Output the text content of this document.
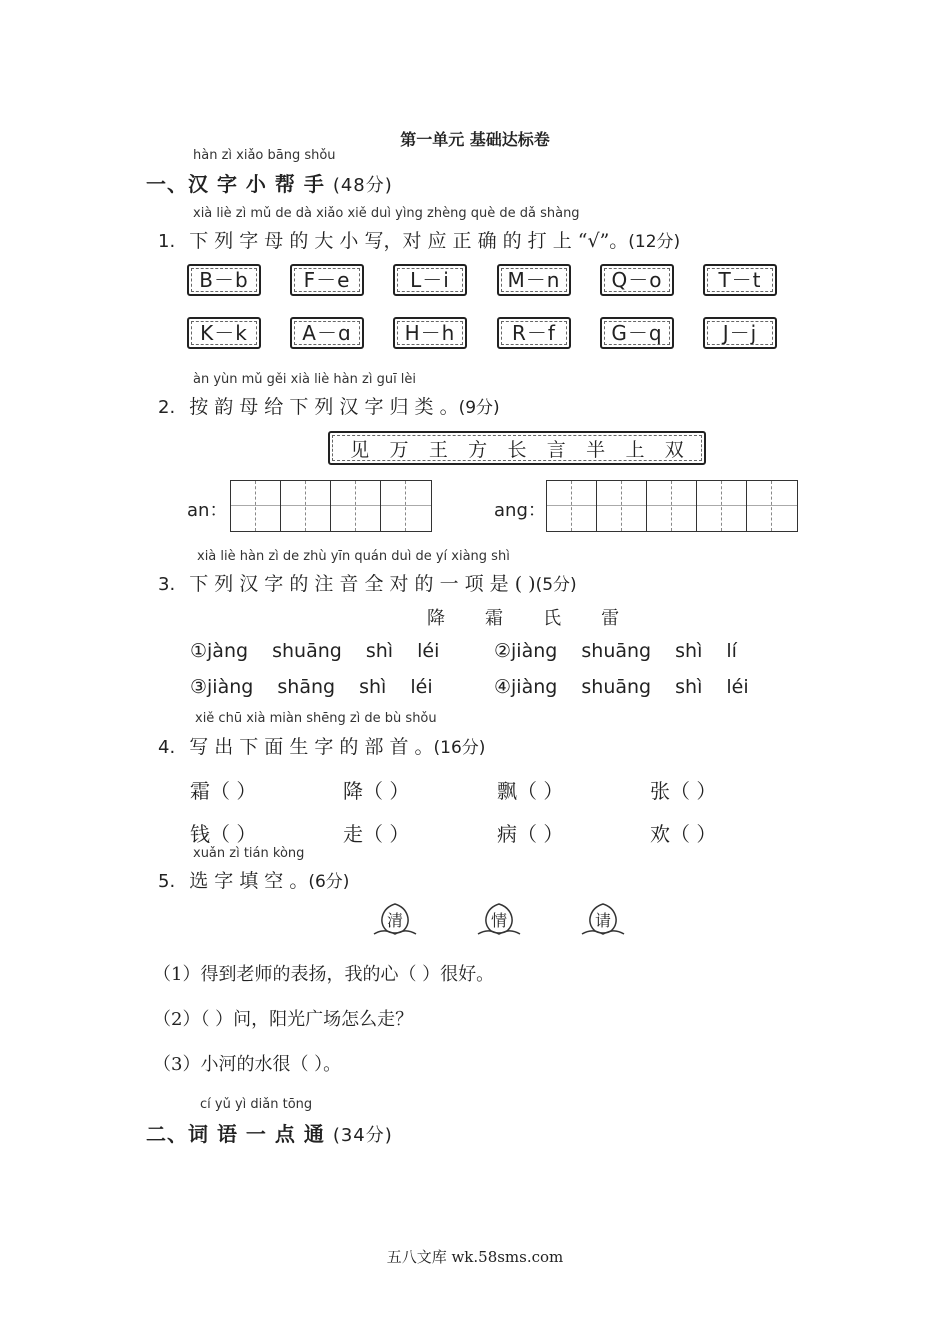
第一单元 基础达标卷
hàn zì xiǎo bāng shǒu
一、汉 字 小 帮 手 (48分)
xià liè zì mǔ de dà xiǎo xiě duì yìng zhèng què de dǎ shàng
1. 下 列 字 母 的 大 小 写，对 应 正 确 的 打 上 “√”。(12分)
B－b	F－e	L－i	M－n	Q－o	T－t
K－k	A－ɑ	H－h	R－f	G－q	J－j
àn yùn mǔ gěi xià liè hàn zì guī lèi
2. 按 韵 母 给 下 列 汉 字 归 类 。(9分)
见 万 王 方 长 言 半 上 双
an：	ang：
xià liè hàn zì de zhù yīn quán duì de yí xiàng shì
3. 下 列 汉 字 的 注 音 全 对 的 一 项 是 ( )(5分)
降       霜       氏       雷
①jàng shuāng shì léi	②jiàng shuāng shì lí
③jiàng shāng shì léi	④jiàng shuāng shì léi
xiě chū xià miàn shēng zì de bù shǒu
4. 写 出 下 面 生 字 的 部 首 。(16分)
霜（ ）	降（ ）	飘（ ）	张（ ）
钱（ ）	走（ ）	病（ ）	欢（ ）
xuǎn zì tián kòng
5. 选 字 填 空 。(6分)
清	情	请
（1）得到老师的表扬，我的心（ ）很好。
（2）（ ）问，阳光广场怎么走？
（3）小河的水很（ ）。
cí yǔ yì diǎn tōng
二、词 语 一 点 通 (34分)
五八文库 wk.58sms.com
